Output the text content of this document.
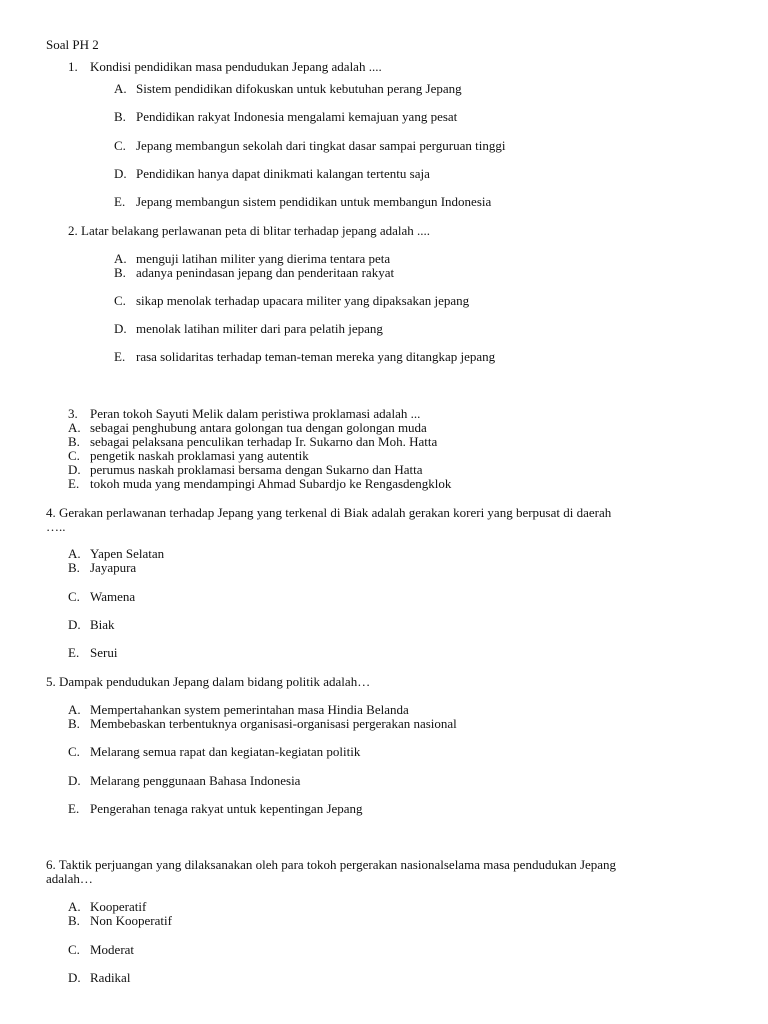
Soal PH 2
1. Kondisi pendidikan masa pendudukan Jepang adalah ....
A. Sistem pendidikan difokuskan untuk kebutuhan perang Jepang
B. Pendidikan rakyat Indonesia mengalami kemajuan yang pesat
C. Jepang membangun sekolah dari tingkat dasar sampai perguruan tinggi
D. Pendidikan hanya dapat dinikmati kalangan tertentu saja
E. Jepang membangun sistem pendidikan untuk membangun Indonesia
2. Latar belakang perlawanan peta di blitar terhadap jepang adalah ....
A. menguji latihan militer yang dierima tentara peta
B. adanya penindasan jepang dan penderitaan rakyat
C. sikap menolak terhadap upacara militer yang dipaksakan jepang
D. menolak latihan militer dari para pelatih jepang
E. rasa solidaritas terhadap teman-teman mereka yang ditangkap jepang
3. Peran tokoh Sayuti Melik dalam peristiwa proklamasi adalah ...
A. sebagai penghubung antara golongan tua dengan golongan muda
B. sebagai pelaksana penculikan terhadap Ir. Sukarno dan Moh. Hatta
C. pengetik naskah proklamasi yang autentik
D. perumus naskah proklamasi bersama dengan Sukarno dan Hatta
E. tokoh muda yang mendampingi Ahmad Subardjo ke Rengasdengklok
4. Gerakan perlawanan terhadap Jepang yang terkenal di Biak adalah gerakan koreri yang berpusat di daerah
…..
A. Yapen Selatan
B. Jayapura
C. Wamena
D. Biak
E. Serui
5. Dampak pendudukan Jepang dalam bidang politik adalah…
A. Mempertahankan system pemerintahan masa Hindia Belanda
B. Membebaskan terbentuknya organisasi-organisasi pergerakan nasional
C. Melarang semua rapat dan kegiatan-kegiatan politik
D. Melarang penggunaan Bahasa Indonesia
E. Pengerahan tenaga rakyat untuk kepentingan Jepang
6. Taktik perjuangan yang dilaksanakan oleh para tokoh pergerakan nasionalselama masa pendudukan Jepang
adalah…
A. Kooperatif
B. Non Kooperatif
C. Moderat
D. Radikal
